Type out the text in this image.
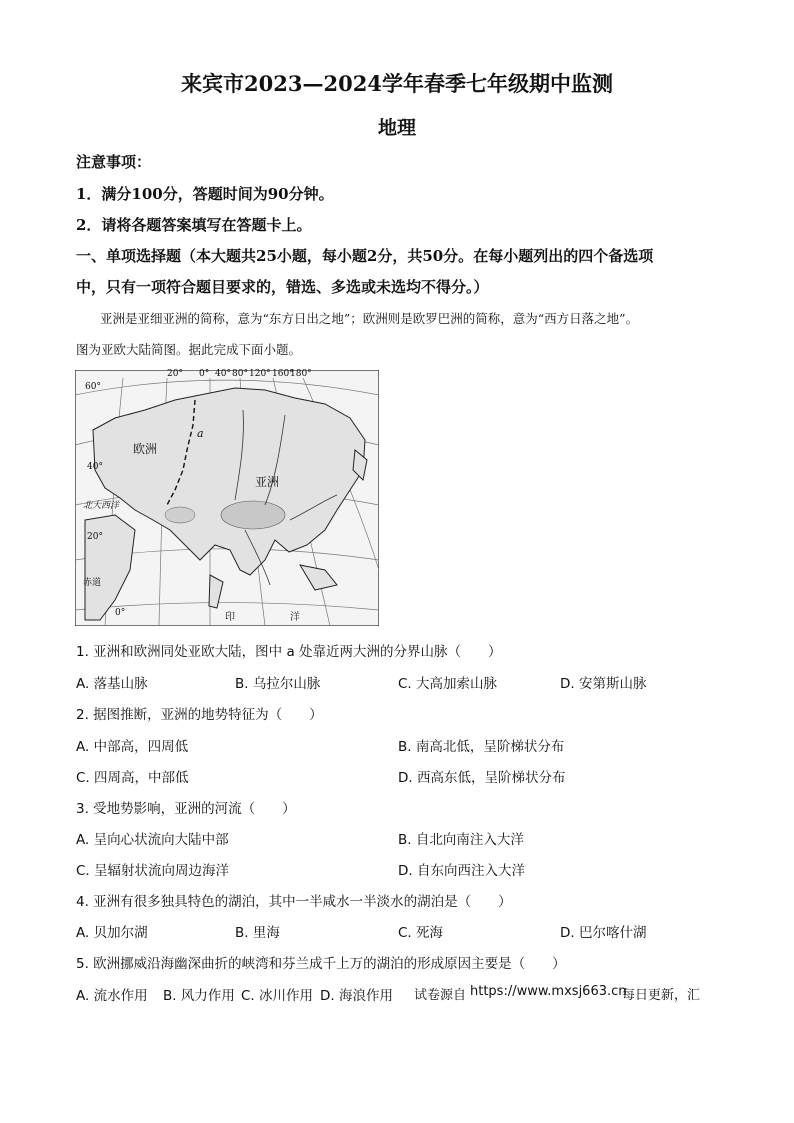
来宾市2023—2024学年春季七年级期中监测
地理
注意事项：
1．满分100分，答题时间为90分钟。
2．请将各题答案填写在答题卡上。
一、单项选择题（本大题共25小题，每小题2分，共50分。在每小题列出的四个备选项
中，只有一项符合题目要求的，错选、多选或未选均不得分。）
亚洲是亚细亚洲的简称，意为“东方日出之地”；欧洲则是欧罗巴洲的简称，意为“西方日落之地”。
图为亚欧大陆简图。据此完成下面小题。
20° 0° 40° 80° 120° 160°
180°
60°
40°
20°
0°
欧洲
亚洲
a
北大西洋
赤道
印	洋
1. 亚洲和欧洲同处亚欧大陆，图中 a 处靠近两大洲的分界山脉（　　）
A. 落基山脉	B. 乌拉尔山脉	C. 大高加索山脉	D. 安第斯山脉
2. 据图推断，亚洲的地势特征为（　　）
A. 中部高，四周低	B. 南高北低，呈阶梯状分布
C. 四周高，中部低	D. 西高东低，呈阶梯状分布
3. 受地势影响，亚洲的河流（　　）
A. 呈向心状流向大陆中部	B. 自北向南注入大洋
C. 呈辐射状流向周边海洋	D. 自东向西注入大洋
4. 亚洲有很多独具特色的湖泊，其中一半咸水一半淡水的湖泊是（　　）
A. 贝加尔湖	B. 里海	C. 死海	D. 巴尔喀什湖
5. 欧洲挪威沿海幽深曲折的峡湾和芬兰成千上万的湖泊的形成原因主要是（　　）
A. 流水作用 B. 风力作用 C. 冰川作用 D. 海浪作用 试卷源自 https://www.mxsj663.cn
每日更新，汇
